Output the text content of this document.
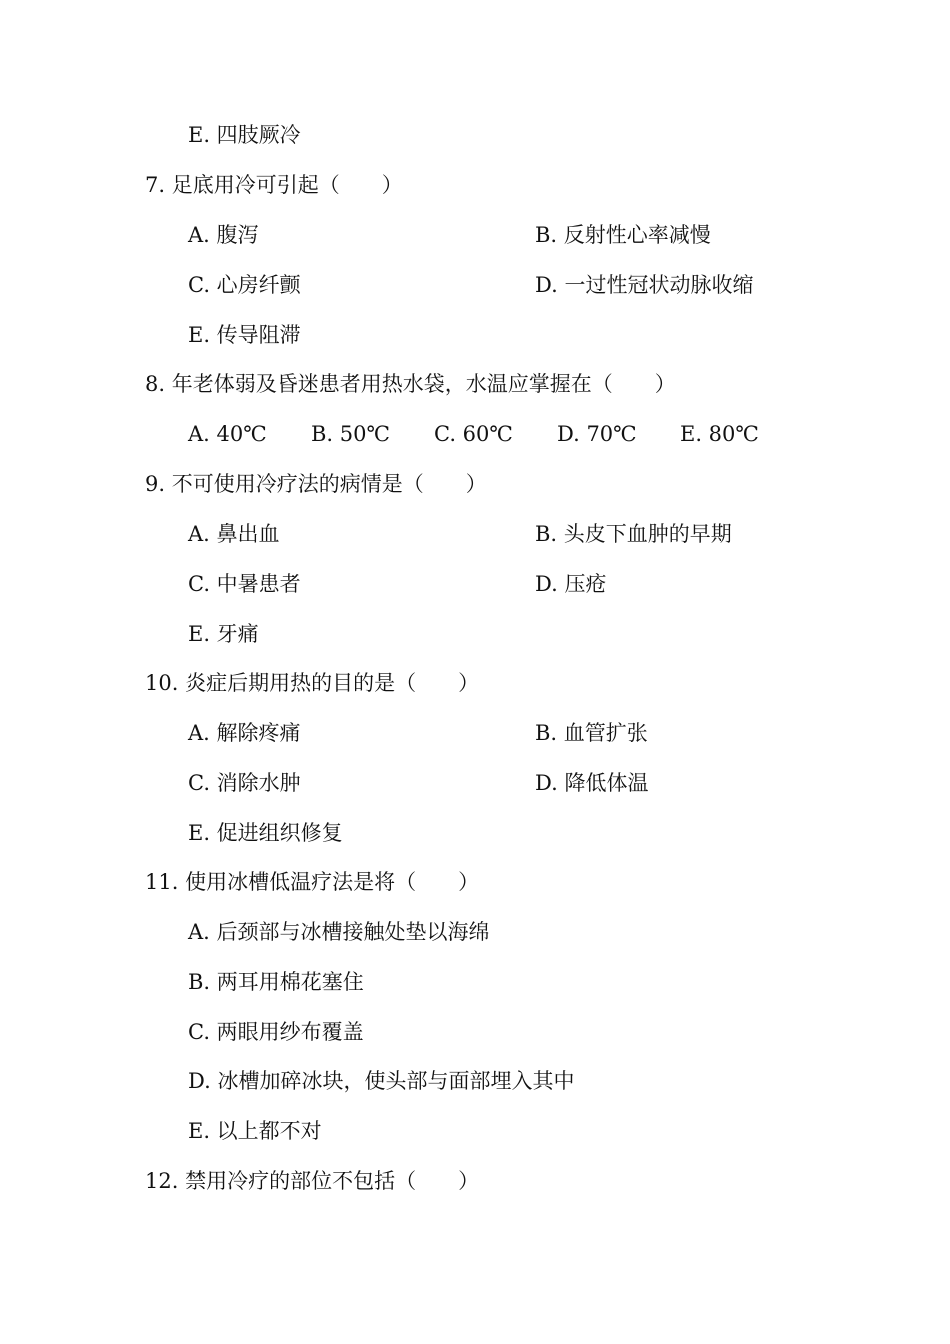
E. 四肢厥冷
7. 足底用冷可引起（　　）
A. 腹泻	B. 反射性心率减慢
C. 心房纤颤	D. 一过性冠状动脉收缩
E. 传导阻滞
8. 年老体弱及昏迷患者用热水袋，水温应掌握在（　　）
A. 40℃	B. 50℃	C. 60℃	D. 70℃	E. 80℃
9. 不可使用冷疗法的病情是（　　）
A. 鼻出血	B. 头皮下血肿的早期
C. 中暑患者	D. 压疮
E. 牙痛
10. 炎症后期用热的目的是（　　）
A. 解除疼痛	B. 血管扩张
C. 消除水肿	D. 降低体温
E. 促进组织修复
11. 使用冰槽低温疗法是将（　　）
A. 后颈部与冰槽接触处垫以海绵
B. 两耳用棉花塞住
C. 两眼用纱布覆盖
D. 冰槽加碎冰块，使头部与面部埋入其中
E. 以上都不对
12. 禁用冷疗的部位不包括（　　）
